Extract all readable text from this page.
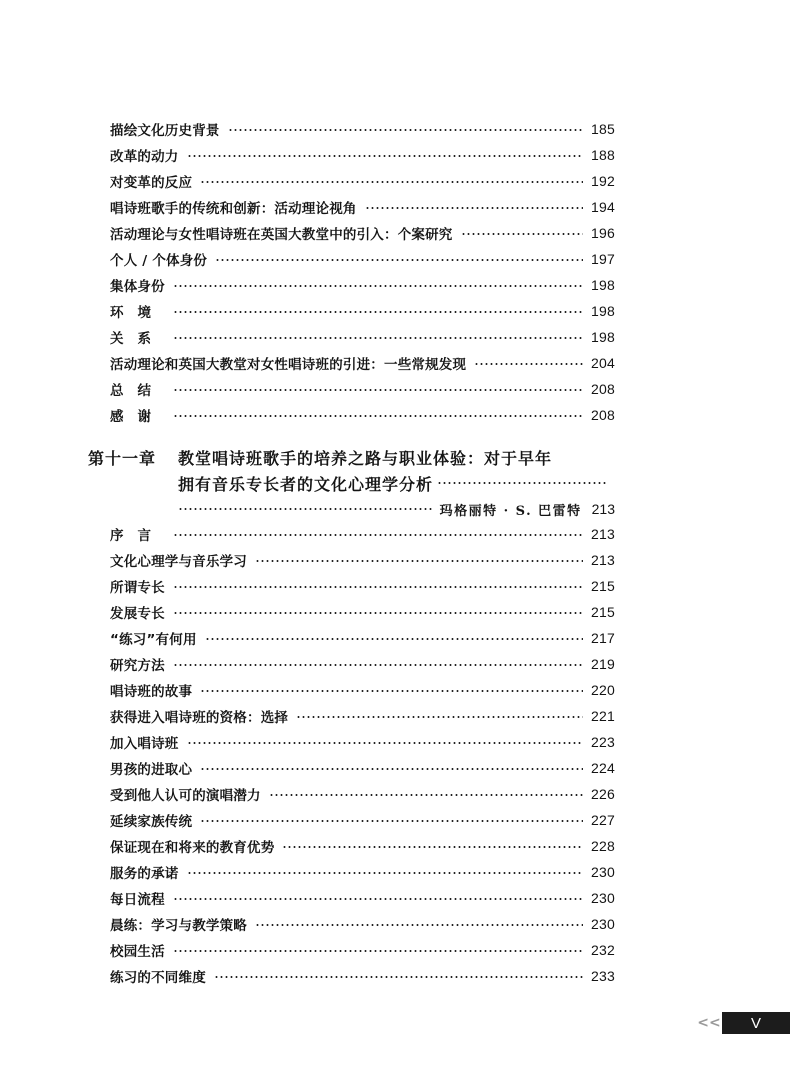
描绘文化历史背景	185
改革的动力	188
对变革的反应	192
唱诗班歌手的传统和创新：活动理论视角	194
活动理论与女性唱诗班在英国大教堂中的引入：个案研究	196
个人 / 个体身份	197
集体身份	198
环境	198
关系	198
活动理论和英国大教堂对女性唱诗班的引进：一些常规发现	204
总结	208
感谢	208
第十一章	教堂唱诗班歌手的培养之路与职业体验：对于早年
拥有音乐专长者的文化心理学分析
玛格丽特 · S. 巴雷特 213
序言	213
文化心理学与音乐学习	213
所谓专长	215
发展专长	215
“练习”有何用	217
研究方法	219
唱诗班的故事	220
获得进入唱诗班的资格：选择	221
加入唱诗班	223
男孩的进取心	224
受到他人认可的演唱潜力	226
延续家族传统	227
保证现在和将来的教育优势	228
服务的承诺	230
每日流程	230
晨练：学习与教学策略	230
校园生活	232
练习的不同维度	233
<< V
